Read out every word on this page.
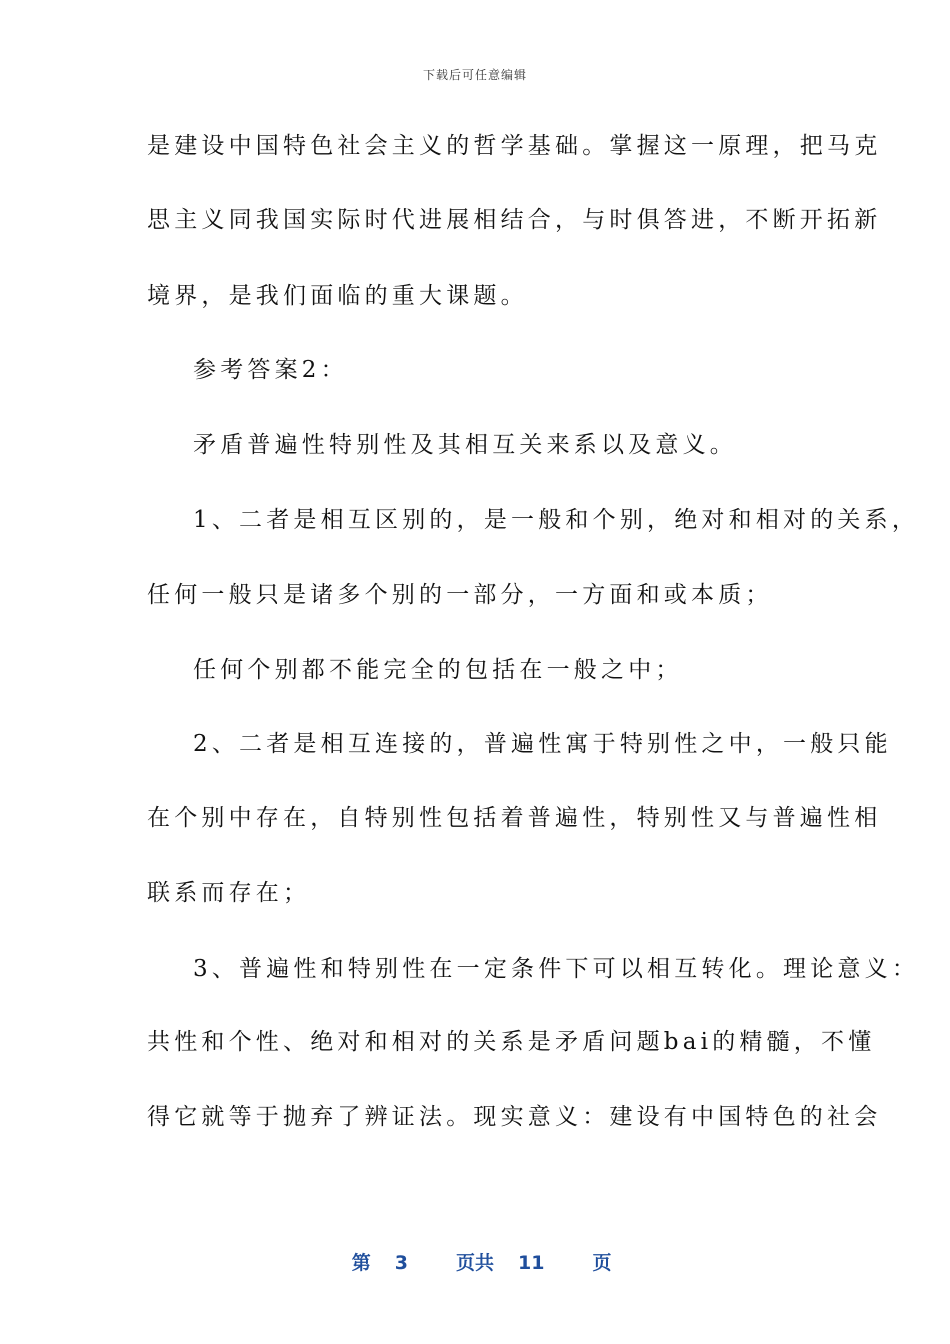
下载后可任意编辑
是建设中国特色社会主义的哲学基础。掌握这一原理，把马克
思主义同我国实际时代进展相结合，与时俱答进，不断开拓新
境界，是我们面临的重大课题。
参考答案2：
矛盾普遍性特别性及其相互关来系以及意义。
1、二者是相互区别的，是一般和个别，绝对和相对的关系，
任何一般只是诸多个别的一部分，一方面和或本质；
任何个别都不能完全的包括在一般之中；
2、二者是相互连接的，普遍性寓于特别性之中，一般只能
在个别中存在，自特别性包括着普遍性，特别性又与普遍性相
联系而存在；
3、普遍性和特别性在一定条件下可以相互转化。理论意义：
共性和个性、绝对和相对的关系是矛盾问题bai的精髓，不懂
得它就等于抛弃了辨证法。现实意义：建设有中国特色的社会

第 3	页共 11	页
